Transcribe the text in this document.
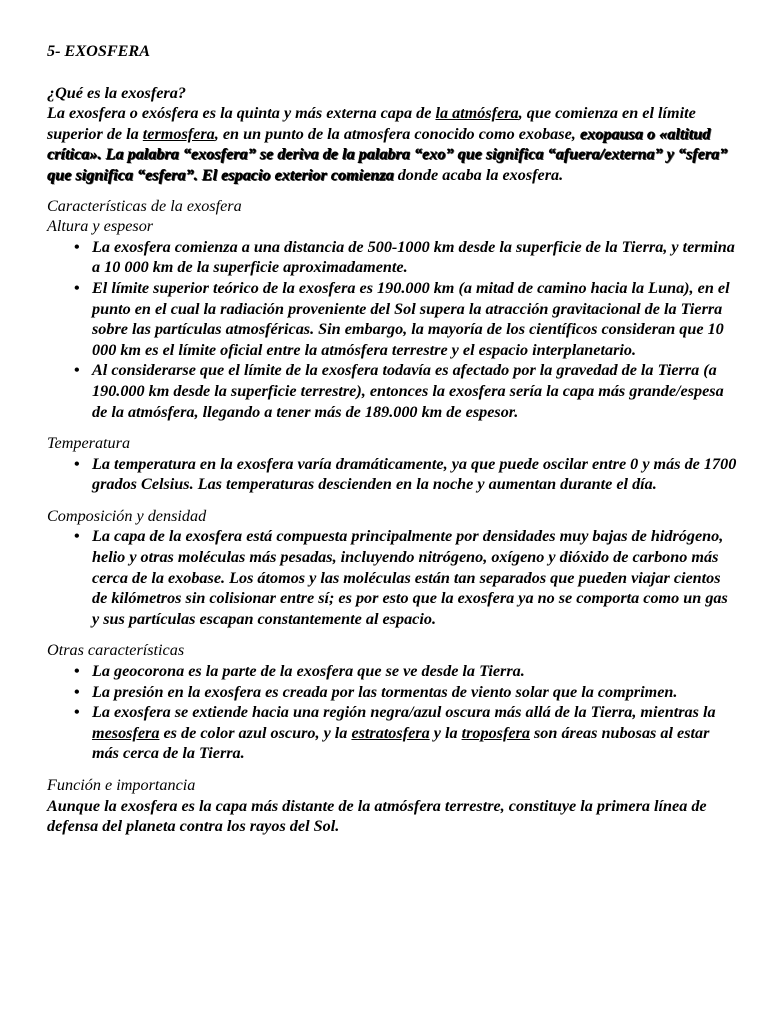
5- EXOSFERA

¿Qué es la exosfera?

La exosfera o exósfera es la quinta y más externa capa de la atmósfera, que comienza en el límite superior de la termosfera, en un punto de la atmosfera conocido como exobase, exopausa o «altitud crítica». La palabra “exosfera” se deriva de la palabra “exo” que significa “afuera/externa” y “sfera” que significa “esfera”. El espacio exterior comienza donde acaba la exosfera.

Características de la exosfera

Altura y espesor

• La exosfera comienza a una distancia de 500-1000 km desde la superficie de la Tierra, y termina a 10 000 km de la superficie aproximadamente.
• El límite superior teórico de la exosfera es 190.000 km (a mitad de camino hacia la Luna), en el punto en el cual la radiación proveniente del Sol supera la atracción gravitacional de la Tierra sobre las partículas atmosféricas. Sin embargo, la mayoría de los científicos consideran que 10 000 km es el límite oficial entre la atmósfera terrestre y el espacio interplanetario.
• Al considerarse que el límite de la exosfera todavía es afectado por la gravedad de la Tierra (a 190.000 km desde la superficie terrestre), entonces la exosfera sería la capa más grande/espesa de la atmósfera, llegando a tener más de 189.000 km de espesor.

Temperatura

• La temperatura en la exosfera varía dramáticamente, ya que puede oscilar entre 0 y más de 1700 grados Celsius. Las temperaturas descienden en la noche y aumentan durante el día.

Composición y densidad

• La capa de la exosfera está compuesta principalmente por densidades muy bajas de hidrógeno, helio y otras moléculas más pesadas, incluyendo nitrógeno, oxígeno y dióxido de carbono más cerca de la exobase. Los átomos y las moléculas están tan separados que pueden viajar cientos de kilómetros sin colisionar entre sí; es por esto que la exosfera ya no se comporta como un gas y sus partículas escapan constantemente al espacio.

Otras características

• La geocorona es la parte de la exosfera que se ve desde la Tierra.
• La presión en la exosfera es creada por las tormentas de viento solar que la comprimen.
• La exosfera se extiende hacia una región negra/azul oscura más allá de la Tierra, mientras la mesosfera es de color azul oscuro, y la estratosfera y la troposfera son áreas nubosas al estar más cerca de la Tierra.

Función e importancia

Aunque la exosfera es la capa más distante de la atmósfera terrestre, constituye la primera línea de defensa del planeta contra los rayos del Sol.
